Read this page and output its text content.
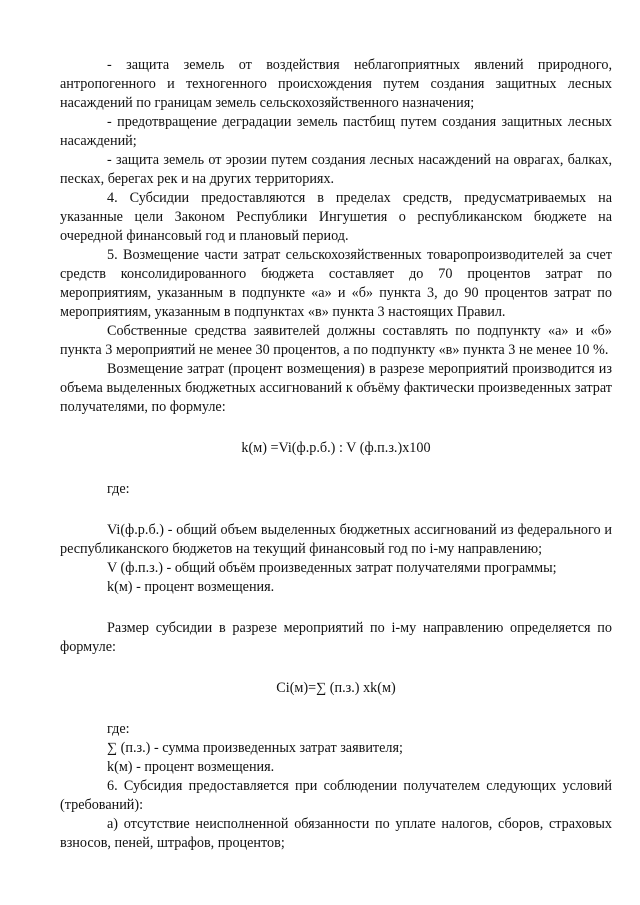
- защита земель от воздействия неблагоприятных явлений природного, антропогенного и техногенного происхождения путем создания защитных лесных насаждений по границам земель сельскохозяйственного назначения;

- предотвращение деградации земель пастбищ путем создания защитных лесных насаждений;

- защита земель от эрозии путем создания лесных насаждений на оврагах, балках, песках, берегах рек и на других территориях.

4. Субсидии предоставляются в пределах средств, предусматриваемых на указанные цели Законом Республики Ингушетия о республиканском бюджете на очередной финансовый год и плановый период.

5. Возмещение части затрат сельскохозяйственных товаропроизводителей за счет средств консолидированного бюджета составляет до 70 процентов затрат по мероприятиям, указанным в подпункте «а» и «б» пункта 3, до 90 процентов затрат по мероприятиям, указанным в подпунктах «в» пункта 3 настоящих Правил.

Собственные средства заявителей должны составлять по подпункту «а» и «б» пункта 3 мероприятий не менее 30 процентов, а по подпункту «в» пункта 3 не менее 10 %.

Возмещение затрат (процент возмещения) в разрезе мероприятий производится из объема выделенных бюджетных ассигнований к объёму фактически произведенных затрат получателями, по формуле:

k(м) =Vi(ф.р.б.) : V (ф.п.з.)х100

где:

Vi(ф.р.б.) - общий объем выделенных бюджетных ассигнований из федерального и республиканского бюджетов на текущий финансовый год по i-му направлению;

V (ф.п.з.) - общий объём произведенных затрат получателями программы;

k(м) - процент возмещения.

Размер субсидии в разрезе мероприятий по i-му направлению определяется по формуле:

Ci(м)=∑ (п.з.) хk(м)

где:

∑ (п.з.) - сумма произведенных затрат заявителя;

k(м) - процент возмещения.

6. Субсидия предоставляется при соблюдении получателем следующих условий (требований):

а) отсутствие неисполненной обязанности по уплате налогов, сборов, страховых взносов, пеней, штрафов, процентов;
